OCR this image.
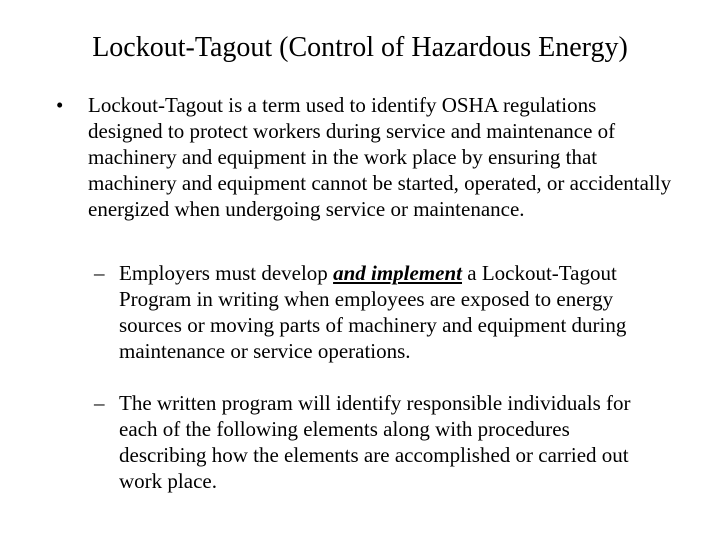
Lockout-Tagout (Control of Hazardous Energy)
• Lockout-Tagout is a term used to identify OSHA regulations designed to protect workers during service and maintenance of machinery and equipment in the work place by ensuring that machinery and equipment cannot be started, operated, or accidentally energized when undergoing service or maintenance.
– Employers must develop and implement a Lockout-Tagout Program in writing when employees are exposed to energy sources or moving parts of machinery and equipment during maintenance or service operations.
– The written program will identify responsible individuals for each of the following elements along with procedures describing how the elements are accomplished or carried out work place.
